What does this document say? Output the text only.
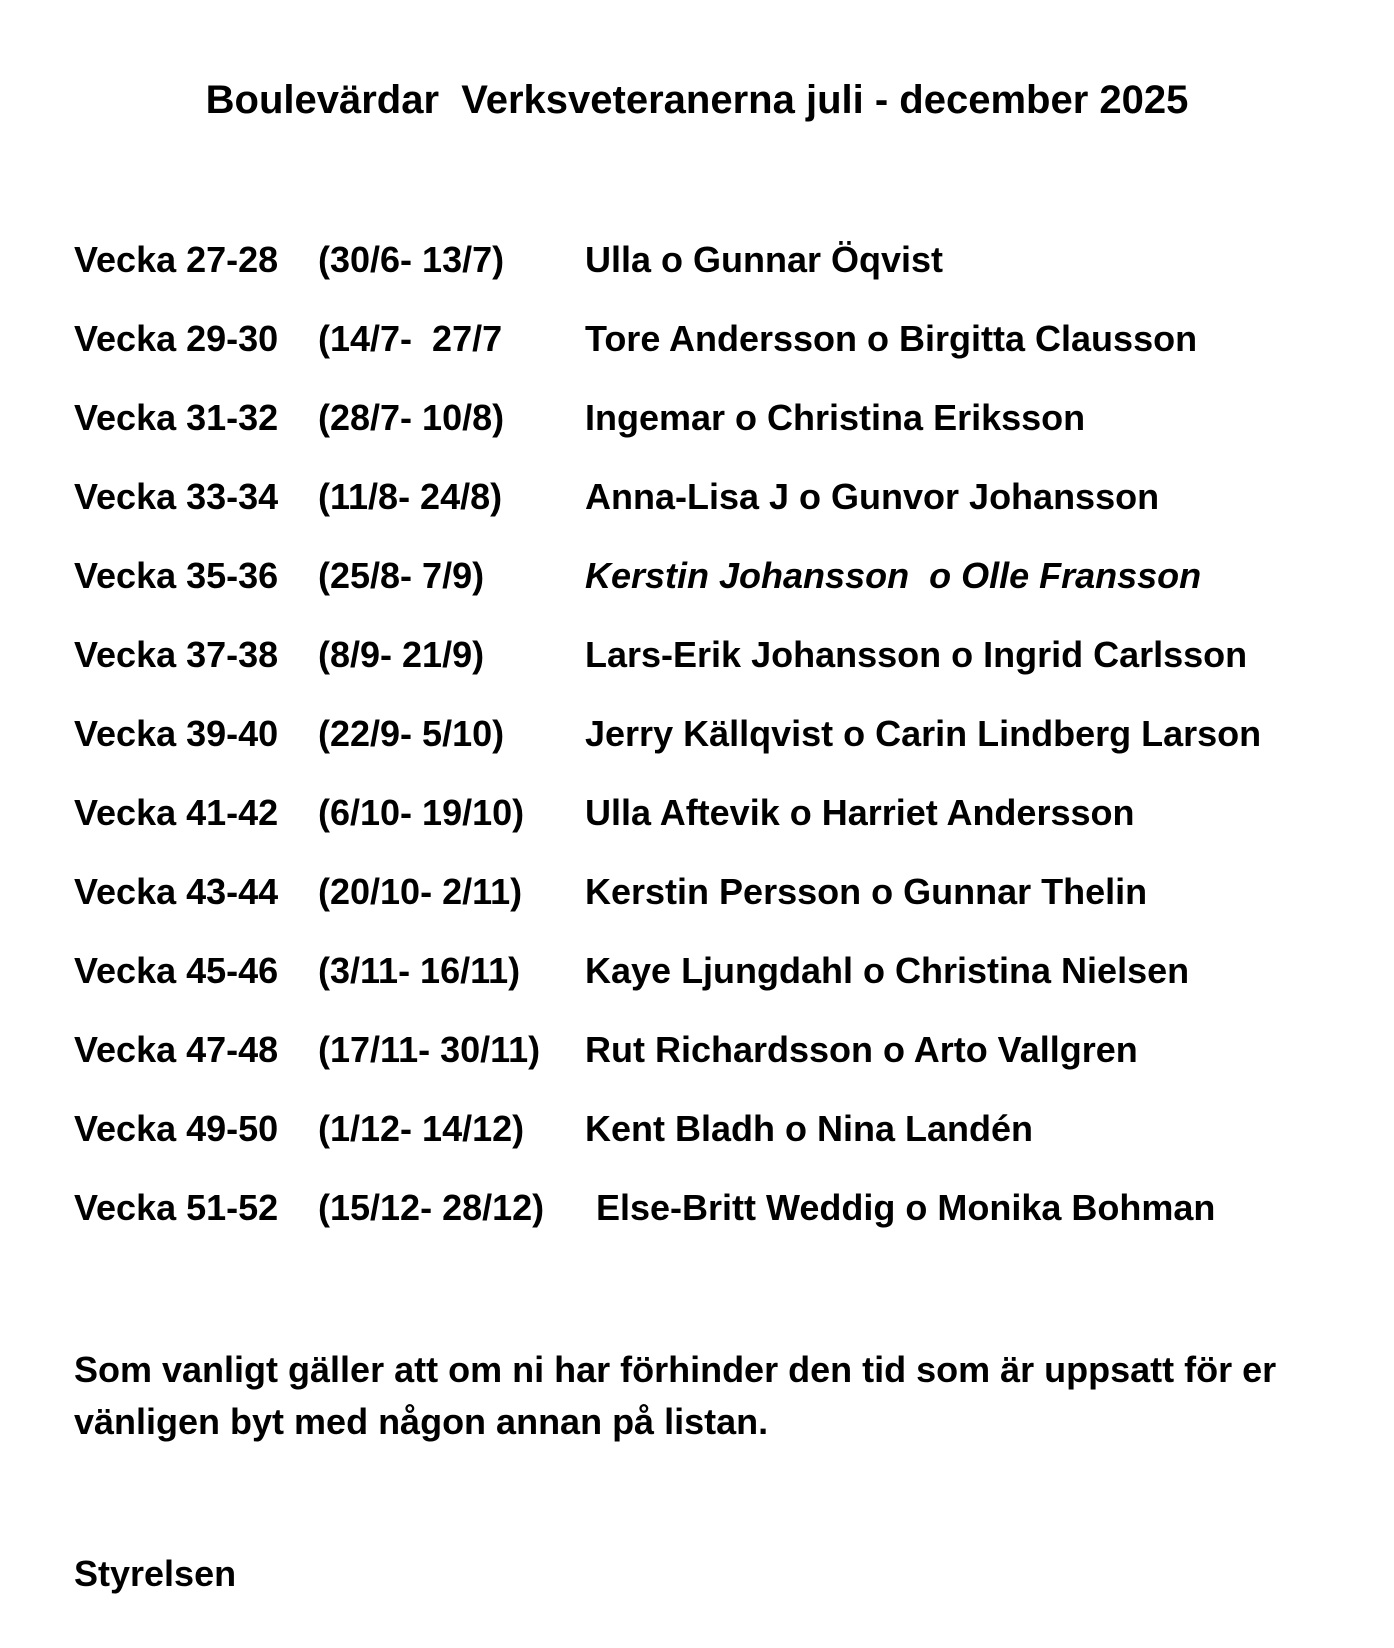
Boulevärdar  Verksveteranerna juli - december 2025

Vecka 27-28

(30/6- 13/7)

Ulla o Gunnar Öqvist

Vecka 29-30

(14/7-  27/7

Tore Andersson o Birgitta Clausson

Vecka 31-32

(28/7- 10/8)

Ingemar o Christina Eriksson

Vecka 33-34

(11/8- 24/8)

Anna-Lisa J o Gunvor Johansson

Vecka 35-36

(25/8- 7/9)

	Kerstin Johansson  o Olle Fransson

Vecka 37-38

(8/9- 21/9)

	Lars-Erik Johansson o Ingrid Carlsson

Vecka 39-40

(22/9- 5/10)

Jerry Källqvist o Carin Lindberg Larson

Vecka 41-42

(6/10- 19/10)

Ulla Aftevik o Harriet Andersson

Vecka 43-44

(20/10- 2/11)

Kerstin Persson o Gunnar Thelin

Vecka 45-46

(3/11- 16/11)

Kaye Ljungdahl o Christina Nielsen

Vecka 47-48

(17/11- 30/11)

Rut Richardsson o Arto Vallgren

Vecka 49-50

(1/12- 14/12)

Kent Bladh o Nina Landén

Vecka 51-52

(15/12- 28/12)

Else-Britt Weddig o Monika Bohman

Som vanligt gäller att om ni har förhinder den tid som är uppsatt för er vänligen byt med någon annan på listan.

Styrelsen
